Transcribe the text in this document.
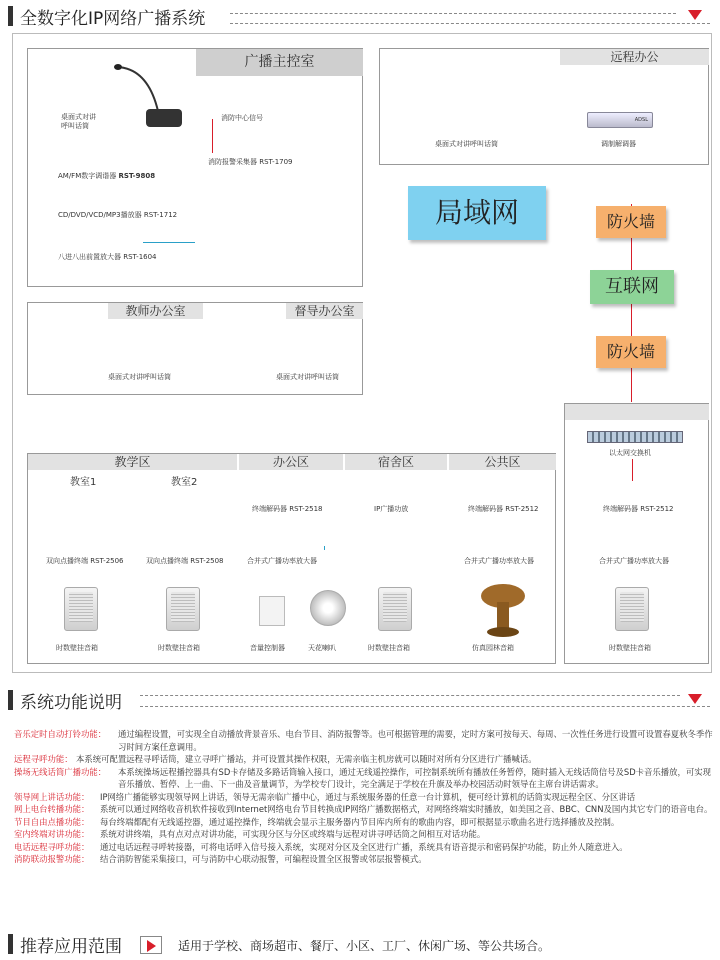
全数字化IP网络广播系统
广播主控室
桌面式对讲
呼叫话筒
AM/FM数字调谐器 RST-9808
CD/DVD/VCD/MP3播放器 RST-1712
八进八出前置放大器 RST-1604
消防中心信号
消防报警采集器 RST-1709
远程办公
桌面式对讲呼叫话筒
ADSL
调制解调器
局域网	防火墙
互联网
防火墙
教师办公室	督导办公室
桌面式对讲呼叫话筒	桌面式对讲呼叫话筒
教学区	办公区	宿舍区	公共区
教室1	教室2
双向点播终端 RST-2506	双向点播终端 RST-2508
时数壁挂音箱	时数壁挂音箱
终端解码器 RST-2518
合并式广播功率放大器
音量控制器	天花喇叭
IP广播功放
时数壁挂音箱
终端解码器 RST-2512
合并式广播功率放大器
仿真园林音箱
以太网交换机
终端解码器 RST-2512
合并式广播功率放大器
时数壁挂音箱
系统功能说明
音乐定时自动打铃功能： 通过编程设置，可实现全自动播放背景音乐、电台节目、消防报警等。也可根据管理的需要，定时方案可按每天、每周、一次性任务进行设置可设置春夏秋冬季作习时间方案任意调用。
远程寻呼功能： 本系统可配置远程寻呼话筒，建立寻呼广播站，并可设置其操作权限，无需亲临主机房就可以随时对所有分区进行广播喊话。
操场无线话筒广播功能： 本系统操场远程播控器具有SD卡存储及多路话筒输入接口，通过无线遥控操作，可控制系统所有播放任务暂停，随时插入无线话筒信号及SD卡音乐播放，可实现音乐播放、暂停、上一曲、下一曲及音量调节，为学校专门设计，完全满足于学校在升旗及举办校园活动时领导在主席台讲话需求。
领导网上讲话功能： IP网络广播能够实现领导网上讲话，领导无需亲临广播中心，通过与系统服务器的任意一台计算机，便可经计算机的话筒实现远程全区、分区讲话
网上电台转播功能： 系统可以通过网络收音机软件接收到Internet网络电台节目转换成IP网络广播数据格式，对网络终端实时播放，如美国之音、BBC、CNN及国内其它专门的语音电台。
节目自由点播功能： 每台终端都配有无线遥控器，通过遥控操作，终端就会显示主服务器内节目库内所有的歌曲内容，即可根据显示歌曲名进行选择播放及控制。
室内终端对讲功能： 系统对讲终端，具有点对点对讲功能，可实现分区与分区或终端与远程对讲寻呼话筒之间相互对话功能。
电话远程寻呼功能： 通过电话远程寻呼转接器，可将电话呼入信号接入系统，实现对分区及全区进行广播，系统具有语音提示和密码保护功能，防止外人随意进入。
消防联动报警功能： 结合消防智能采集接口，可与消防中心联动报警，可编程设置全区报警或邻层报警模式。
推荐应用范围	适用于学校、商场超市、餐厅、小区、工厂、休闲广场、等公共场合。
